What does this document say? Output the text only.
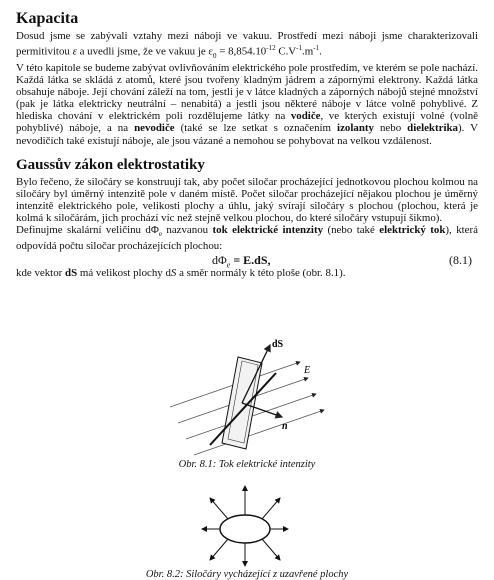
Kapacita

Dosud jsme se zabývali vztahy mezi náboji ve vakuu. Prostředí mezi náboji jsme charakterizovali permitivitou ε a uvedli jsme, že ve vakuu je $\varepsilon_0 = 8,854.10^{-12}$ $C.V^{-1}.m^{-1}$.

V této kapitole se budeme zabývat ovlivňováním elektrického pole prostředím, ve kterém se pole nachází. Každá látka se skládá z atomů, které jsou tvořeny kladným jádrem a zápornými elektrony. Každá látka obsahuje náboje. Její chování záleží na tom, jestli je v látce kladných a záporných nábojů stejné množství (pak je látka elektricky neutrální – nenabitá) a jestli jsou některé náboje v látce volně pohyblivé. Z hlediska chování v elektrickém poli rozdělujeme látky na vodiče, ve kterých existují volné (volně pohyblivé) náboje, a na nevodiče (také se lze setkat s označením izolanty nebo dielektrika). V nevodičích také existují náboje, ale jsou vázané a nemohou se pohybovat na velkou vzdálenost.

Gaussův zákon elektrostatiky

Bylo řečeno, že siločáry se konstruují tak, aby počet siločar procházející jednotkovou plochou kolmou na siločáry byl úměrný intenzitě pole v daném místě. Počet siločar procházející nějakou plochou je úměrný intenzitě elektrického pole, velikosti plochy a úhlu, jaký svírají siločáry s plochou (plochou, která je kolmá k siločárám, jich prochází víc než stejně velkou plochou, do které siločáry vstupují šikmo).

Definujme skalární veličinu $d\Phi_e$ nazvanou tok elektrické intenzity (nebo také elektrický tok), která odpovídá počtu siločar procházejících plochou:

$d\Phi_e = E.dS$,	(8.1)

kde vektor dS má velikost plochy dS a směr normály k této ploše (obr. 8.1).

dS
E
n
Obr. 8.1: Tok elektrické intenzity
Obr. 8.2: Siločáry vycházející z uzavřené plochy
